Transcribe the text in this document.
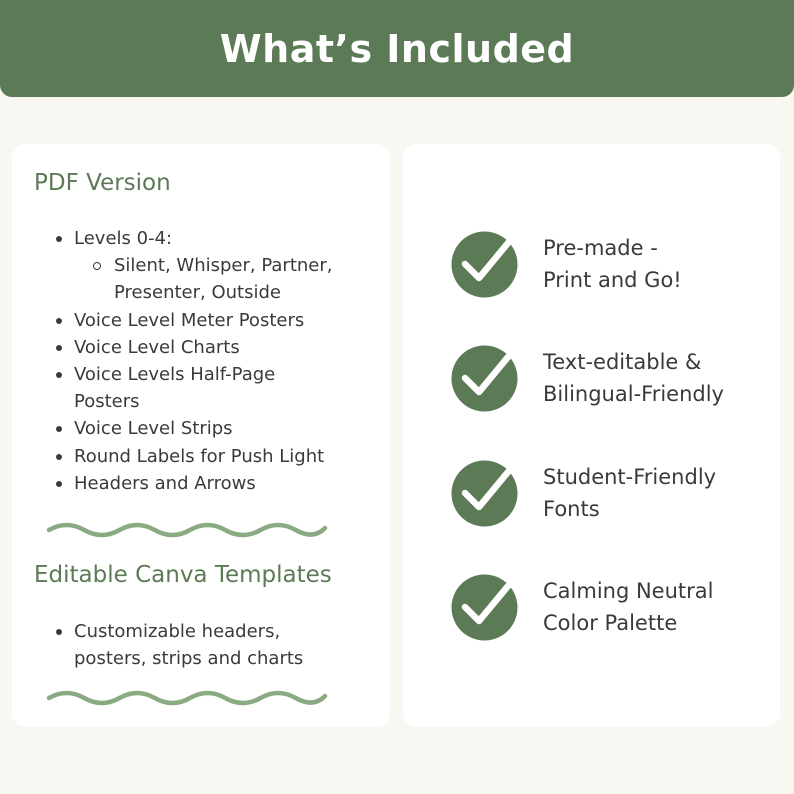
What’s Included
PDF Version
Levels 0-4:
Silent, Whisper, Partner,
Presenter, Outside
Voice Level Meter Posters
Voice Level Charts
Voice Levels Half-Page
Posters
Voice Level Strips
Round Labels for Push Light
Headers and Arrows
Editable Canva Templates
Customizable headers,
posters, strips and charts
Pre-made -
Print and Go!
Text-editable &
Bilingual-Friendly
Student-Friendly
Fonts
Calming Neutral
Color Palette
